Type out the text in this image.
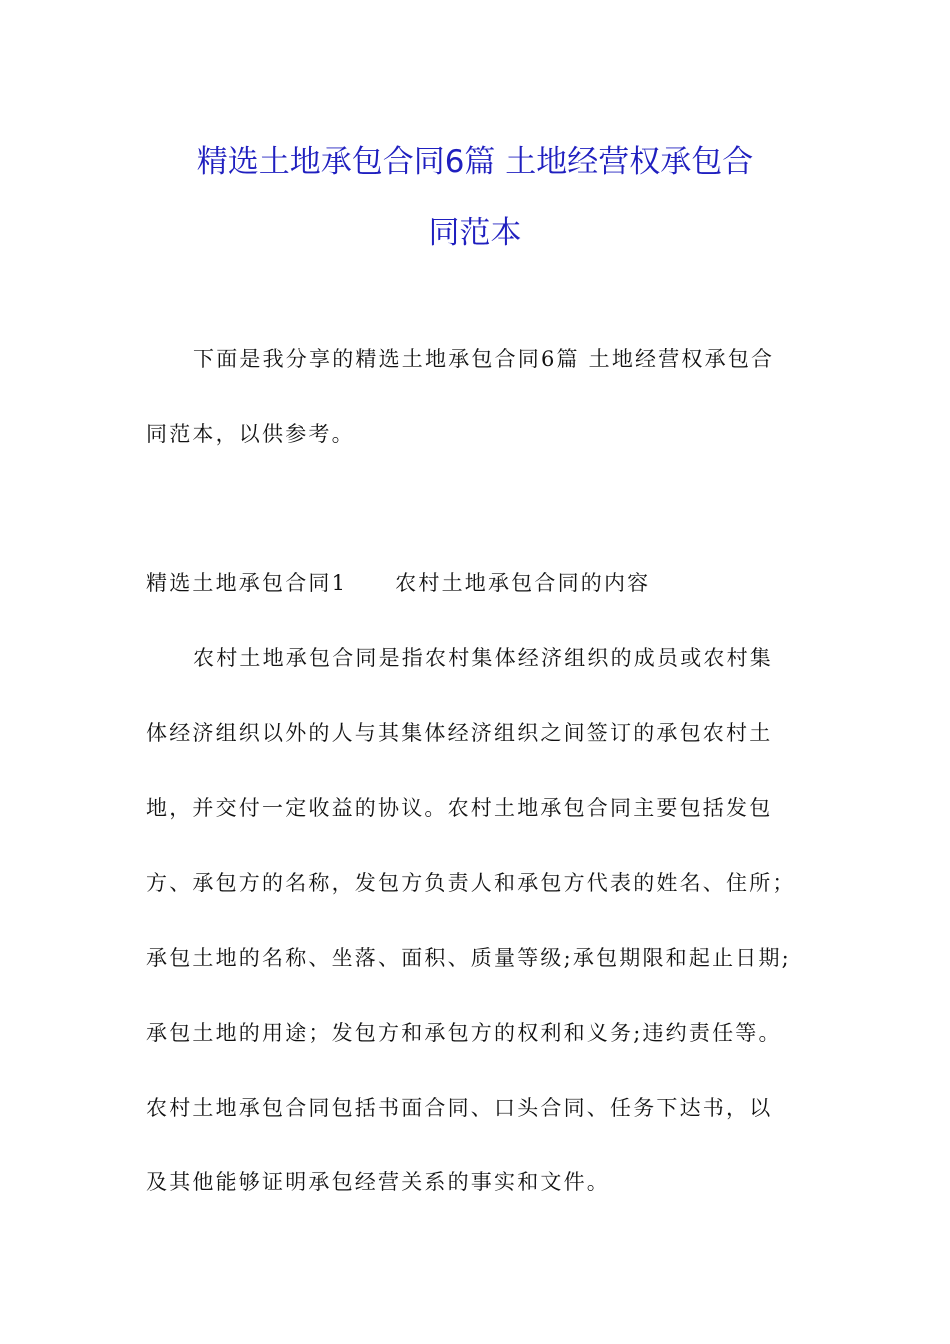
精选土地承包合同6篇 土地经营权承包合
同范本
下面是我分享的精选土地承包合同6篇 土地经营权承包合
同范本，以供参考。
精选土地承包合同1 农村土地承包合同的内容
农村土地承包合同是指农村集体经济组织的成员或农村集
体经济组织以外的人与其集体经济组织之间签订的承包农村土
地，并交付一定收益的协议。农村土地承包合同主要包括发包
方、承包方的名称，发包方负责人和承包方代表的姓名、住所；
承包土地的名称、坐落、面积、质量等级;承包期限和起止日期;
承包土地的用途；发包方和承包方的权利和义务;违约责任等。
农村土地承包合同包括书面合同、口头合同、任务下达书，以
及其他能够证明承包经营关系的事实和文件。
